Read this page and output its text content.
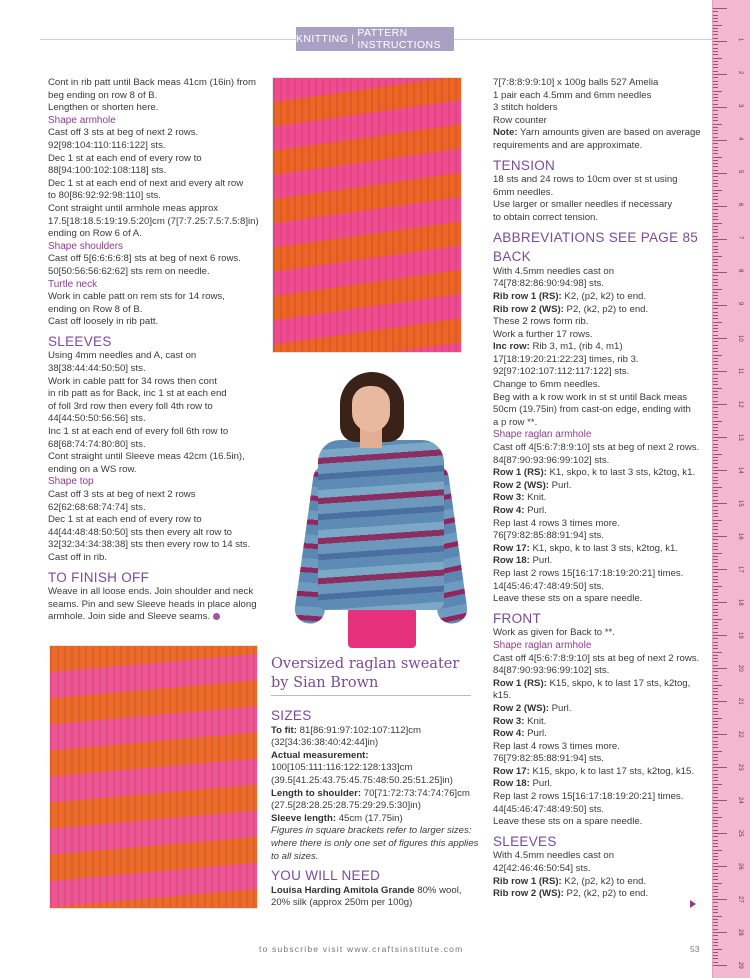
KNITTING | PATTERN INSTRUCTIONS

Cont in rib patt until Back meas 41cm (16in) from
beg ending on row 8 of B.
Lengthen or shorten here.

Shape armhole

Cast off 3 sts at beg of next 2 rows.
92[98:104:110:116:122] sts.
Dec 1 st at each end of every row to
88[94:100:102:108:118] sts.
Dec 1 st at each end of next and every alt row
to 80[86:92:92:98:110] sts.
Cont straight until armhole meas approx
17.5[18:18.5:19:19.5:20]cm (7[7:7.25:7.5:7.5:8]in)
ending on Row 6 of A.

Shape shoulders

Cast off 5[6:6:6:6:8] sts at beg of next 6 rows.
50[50:56:56:62:62] sts rem on needle.

Turtle neck

Work in cable patt on rem sts for 14 rows,
ending on Row 8 of B.
Cast off loosely in rib patt.

SLEEVES

Using 4mm needles and A, cast on
38[38:44:44:50:50] sts.
Work in cable patt for 34 rows then cont
in rib patt as for Back, inc 1 st at each end
of foll 3rd row then every foll 4th row to
44[44:50:50:56:56] sts.
Inc 1 st at each end of every foll 6th row to
68[68:74:74:80:80] sts.
Cont straight until Sleeve meas 42cm (16.5in),
ending on a WS row.

Shape top

Cast off 3 sts at beg of next 2 rows
62[62:68:68:74:74] sts.
Dec 1 st at each end of every row to
44[44:48:48:50:50] sts then every alt row to
32[32:34:34:38:38] sts then every row to 14 sts.
Cast off in rib.

TO FINISH OFF

Weave in all loose ends. Join shoulder and neck
seams. Pin and sew Sleeve heads in place along
armhole. Join side and Sleeve seams.

Oversized raglan sweater by Sian Brown

SIZES

To fit: 81[86:91:97:102:107:112]cm
(32[34:36:38:40:42:44]in)

Actual measurement:
100[105:111:116:122:128:133]cm
(39.5[41.25:43.75:45.75:48:50.25:51.25]in)

Length to shoulder: 70[71:72:73:74:74:76]cm
(27.5[28:28.25:28.75:29:29.5:30]in)

Sleeve length: 45cm (17.75in)

Figures in square brackets refer to larger sizes:
where there is only one set of figures this applies
to all sizes.

YOU WILL NEED

Louisa Harding Amitola Grande 80% wool,
20% silk (approx 250m per 100g)

7[7:8:8:9:9:10] x 100g balls 527 Amelia
1 pair each 4.5mm and 6mm needles
3 stitch holders
Row counter

Note: Yarn amounts given are based on average
requirements and are approximate.

TENSION

18 sts and 24 rows to 10cm over st st using
6mm needles.
Use larger or smaller needles if necessary
to obtain correct tension.

ABBREVIATIONS SEE PAGE 85

BACK

With 4.5mm needles cast on
74[78:82:86:90:94:98] sts.

Rib row 1 (RS): K2, (p2, k2) to end.

Rib row 2 (WS): P2, (k2, p2) to end.

These 2 rows form rib.
Work a further 17 rows.

Inc row: Rib 3, m1, (rib 4, m1)
17[18:19:20:21:22:23] times, rib 3.
92[97:102:107:112:117:122] sts.
Change to 6mm needles.
Beg with a k row work in st st until Back meas
50cm (19.75in) from cast-on edge, ending with
a p row **.

Shape raglan armhole

Cast off 4[5:6:7:8:9:10] sts at beg of next 2 rows.
84[87:90:93:96:99:102] sts.

Row 1 (RS): K1, skpo, k to last 3 sts, k2tog, k1.

Row 2 (WS): Purl.

Row 3: Knit.

Row 4: Purl.

Rep last 4 rows 3 times more.
76[79:82:85:88:91:94] sts.

Row 17: K1, skpo, k to last 3 sts, k2tog, k1.

Row 18: Purl.

Rep last 2 rows 15[16:17:18:19:20:21] times.
14[45:46:47:48:49:50] sts.
Leave these sts on a spare needle.

FRONT

Work as given for Back to **.

Shape raglan armhole

Cast off 4[5:6:7:8:9:10] sts at beg of next 2 rows.
84[87:90:93:96:99:102] sts.

Row 1 (RS): K15, skpo, k to last 17 sts, k2tog, k15.

Row 2 (WS): Purl.

Row 3: Knit.

Row 4: Purl.

Rep last 4 rows 3 times more.
76[79:82:85:88:91:94] sts.

Row 17: K15, skpo, k to last 17 sts, k2tog, k15.

Row 18: Purl.

Rep last 2 rows 15[16:17:18:19:20:21] times.
44[45:46:47:48:49:50] sts.
Leave these sts on a spare needle.

SLEEVES

With 4.5mm needles cast on
42[42:46:46:50:54] sts.

Rib row 1 (RS): K2, (p2, k2) to end.

Rib row 2 (WS): P2, (k2, p2) to end.

1
2
3
4
5
6
7
8
9
10
11
12
13
14
15
16
17
18
19
20
21
22
23
24
25
26
27
28
29
to subscribe visit www.craftsinstitute.com	53
